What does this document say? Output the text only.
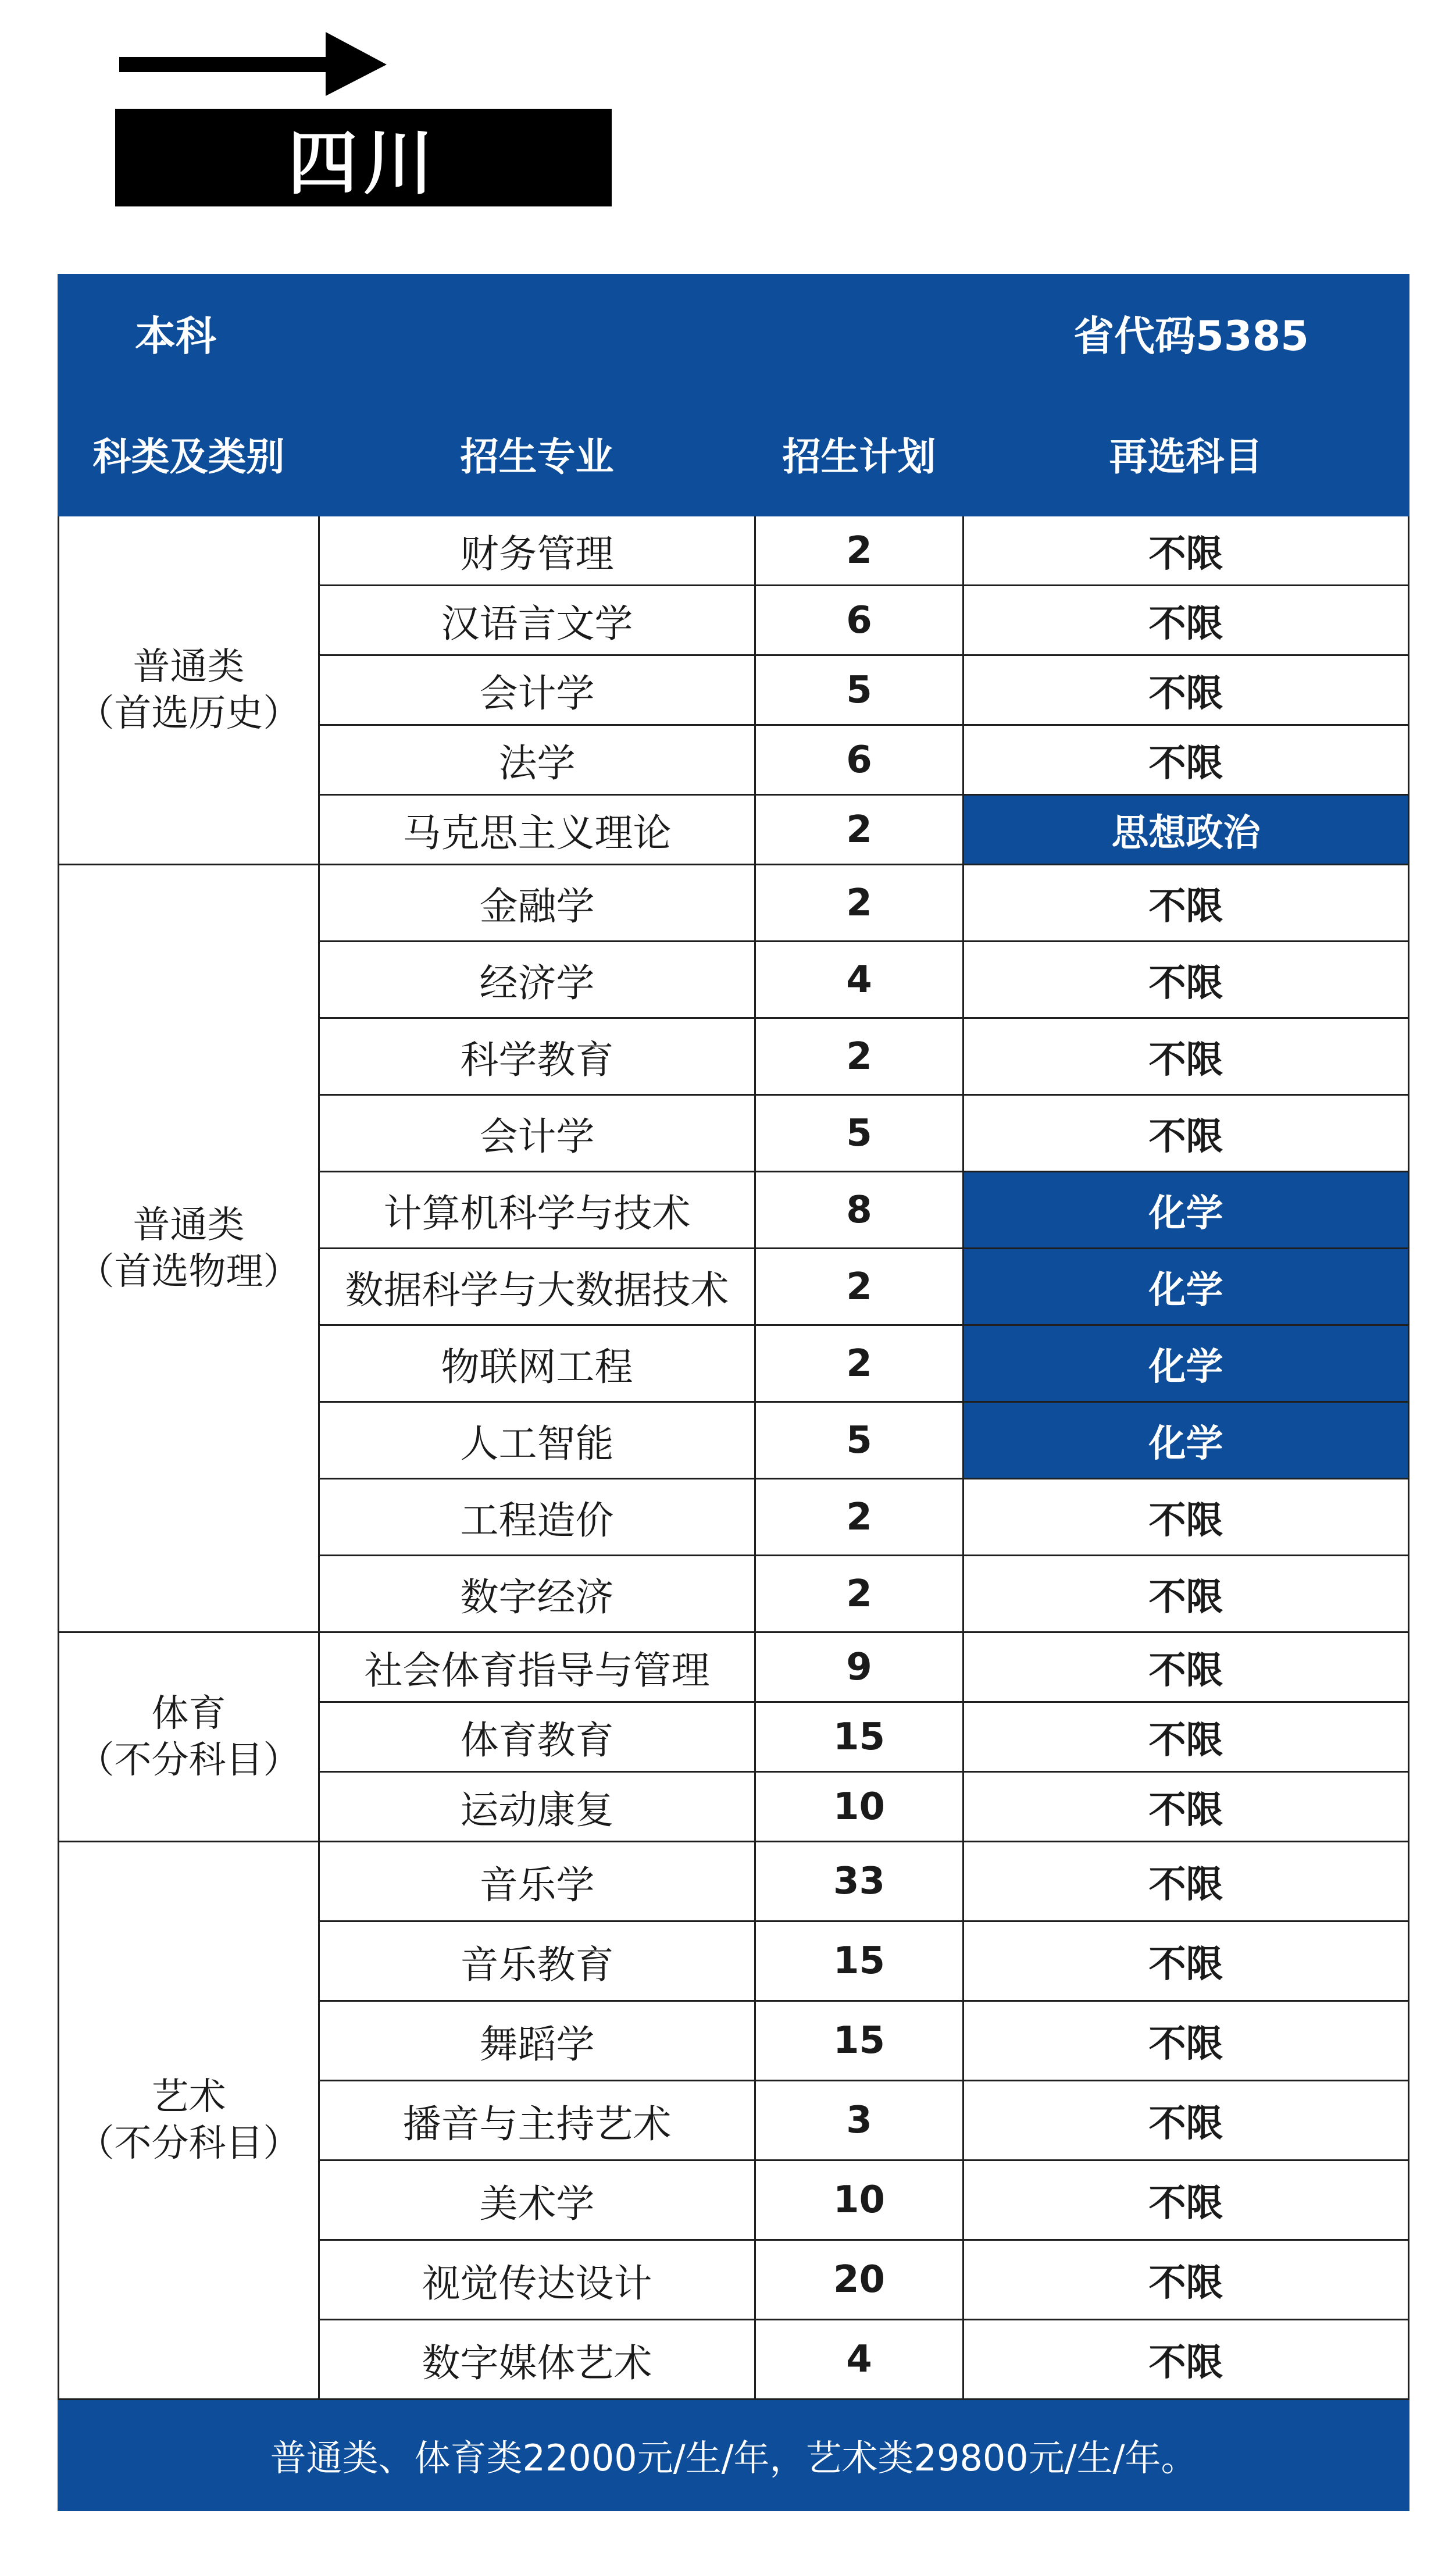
四川
本科		省代码5385	
科类及类别	招生专业	招生计划	再选科目

普通类
（首选历史）	财务管理	2	不限
	汉语言文学	6	不限
	会计学	5	不限
	法学	6	不限
	马克思主义理论	2	思想政治

普通类
（首选物理）	金融学	2	不限
	经济学	4	不限
	科学教育	2	不限
	会计学	5	不限
	计算机科学与技术	8	化学
	数据科学与大数据技术	2	化学
	物联网工程	2	化学
	人工智能	5	化学
	工程造价	2	不限
	数字经济	2	不限

体育
（不分科目）	社会体育指导与管理	9	不限
	体育教育	15	不限
	运动康复	10	不限

艺术
（不分科目）	音乐学	33	不限
	音乐教育	15	不限
	舞蹈学	15	不限
	播音与主持艺术	3	不限
	美术学	10	不限
	视觉传达设计	20	不限
	数字媒体艺术	4	不限
普通类、体育类22000元/生/年，艺术类29800元/生/年。			
